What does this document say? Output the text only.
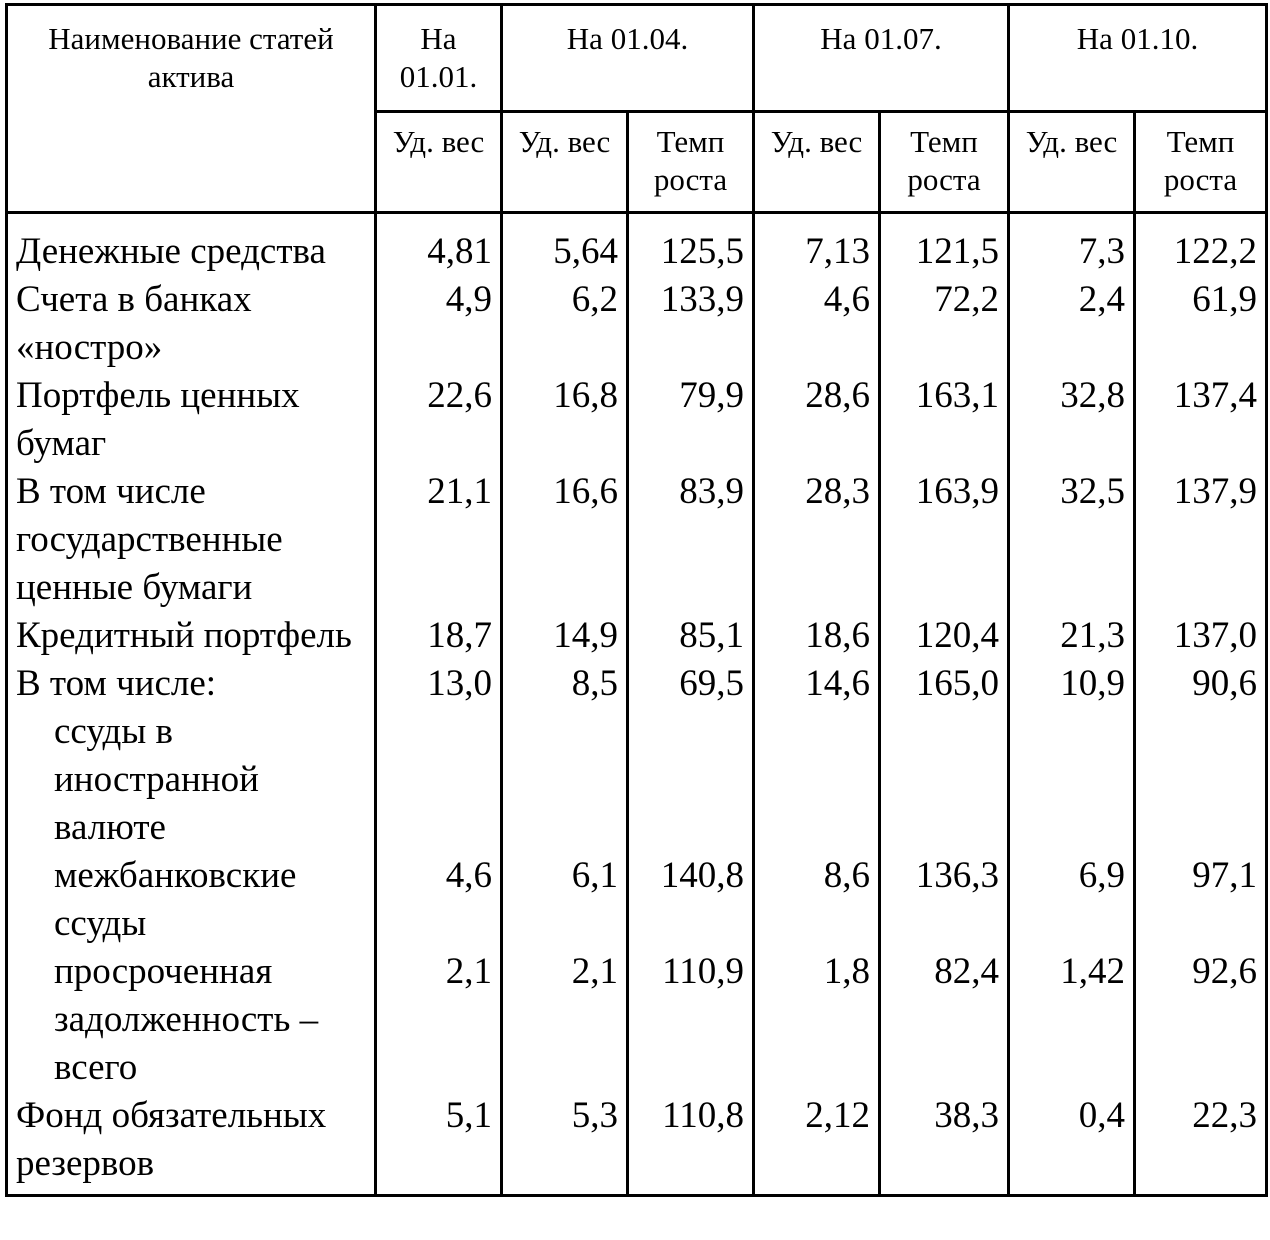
Наименование статей актива	На 01.01.	На 01.04.		На 01.07.		На 01.10.	
	Уд. вес	Уд. вес	Темп роста	Уд. вес	Темп роста	Уд. вес	Темп роста
Денежные средства	4,81	5,64	125,5	7,13	121,5	7,3	122,2
Счета в банках «ностро»	4,9	6,2	133,9	4,6	72,2	2,4	61,9
Портфель ценных бумаг	22,6	16,8	79,9	28,6	163,1	32,8	137,4
В том числе государственные ценные бумаги	21,1	16,6	83,9	28,3	163,9	32,5	137,9
Кредитный портфель	18,7	14,9	85,1	18,6	120,4	21,3	137,0
В том числе:	13,0	8,5	69,5	14,6	165,0	10,9	90,6
ссуды в иностранной валюте							
межбанковские ссуды	4,6	6,1	140,8	8,6	136,3	6,9	97,1
просроченная задолженность – всего	2,1	2,1	110,9	1,8	82,4	1,42	92,6
Фонд обязательных резервов	5,1	5,3	110,8	2,12	38,3	0,4	22,3
